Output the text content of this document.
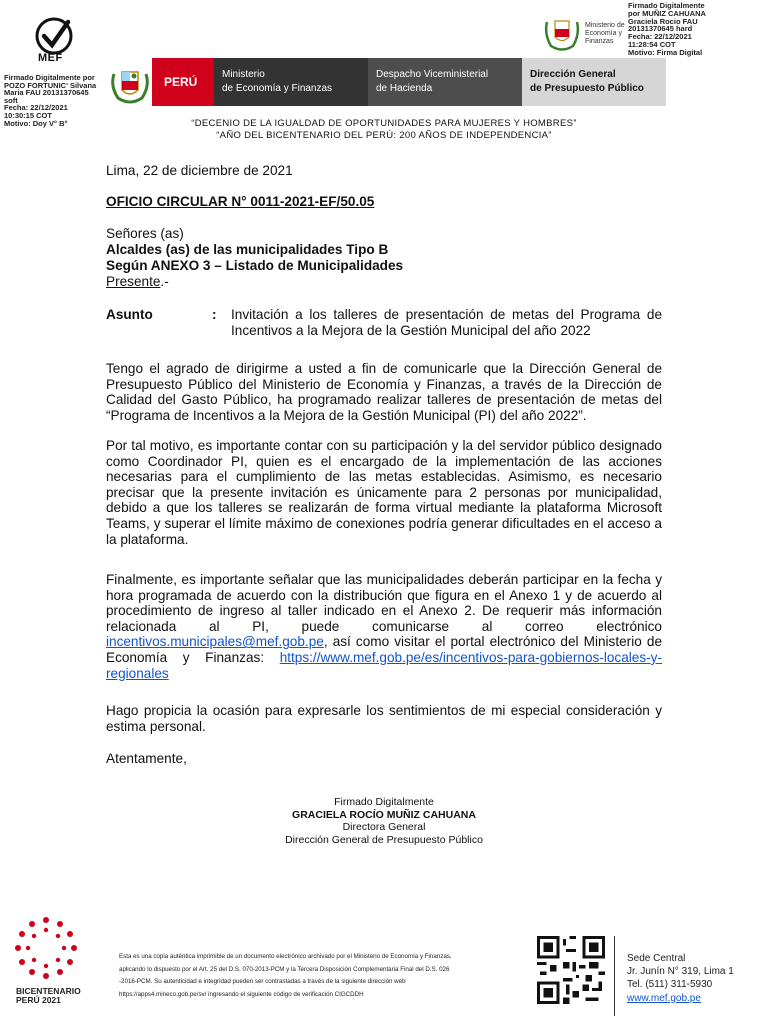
MEF
Firmado Digitalmente por
POZO FORTUNIC' Silvana
Maria FAU 20131370645
soft
Fecha: 22/12/2021
10:30:15 COT
Motivo: Doy V° B°
PERÚ
Ministerio
de Economía y Finanzas
Despacho Viceministerial
de Hacienda
Dirección General
de Presupuesto Público
Ministerio de Economía y Finanzas
Firmado Digitalmente
por MUÑIZ CAHUANA
Graciela Rocio FAU
20131370645 hard
Fecha: 22/12/2021
11:28:54 COT
Motivo: Firma Digital
“DECENIO DE LA IGUALDAD DE OPORTUNIDADES PARA MUJERES Y HOMBRES”
“AÑO DEL BICENTENARIO DEL PERÚ: 200 AÑOS DE INDEPENDENCIA”
Lima, 22 de diciembre de 2021
OFICIO CIRCULAR N° 0011-2021-EF/50.05
Señores (as)
Alcaldes (as) de las municipalidades Tipo B
Según ANEXO 3 – Listado de Municipalidades
Presente.-
Asunto	: Invitación a los talleres de presentación de metas del Programa de Incentivos a la Mejora de la Gestión Municipal del año 2022
Tengo el agrado de dirigirme a usted a fin de comunicarle que la Dirección General de Presupuesto Público del Ministerio de Economía y Finanzas, a través de la Dirección de Calidad del Gasto Público, ha programado realizar talleres de presentación de metas del “Programa de Incentivos a la Mejora de la Gestión Municipal (PI) del año 2022”.
Por tal motivo, es importante contar con su participación y la del servidor público designado como Coordinador PI, quien es el encargado de la implementación de las acciones necesarias para el cumplimiento de las metas establecidas. Asimismo, es necesario precisar que la presente invitación es únicamente para 2 personas por municipalidad, debido a que los talleres se realizarán de forma virtual mediante la plataforma Microsoft Teams, y superar el límite máximo de conexiones podría generar dificultades en el acceso a la plataforma.
Finalmente, es importante señalar que las municipalidades deberán participar en la fecha y hora programada de acuerdo con la distribución que figura en el Anexo 1 y de acuerdo al procedimiento de ingreso al taller indicado en el Anexo 2. De requerir más información relacionada al PI, puede comunicarse al correo electrónico incentivos.municipales@mef.gob.pe, así como visitar el portal electrónico del Ministerio de Economía y Finanzas: https://www.mef.gob.pe/es/incentivos-para-gobiernos-locales-y-regionales
Hago propicia la ocasión para expresarle los sentimientos de mi especial consideración y estima personal.
Atentamente,
Firmado Digitalmente
GRACIELA ROCÍO MUÑIZ CAHUANA
Directora General
Dirección General de Presupuesto Público
BICENTENARIO
PERÚ 2021
Esta es una copia auténtica imprimible de un documento electrónico archivado por el Ministerio de Economía y Finanzas,
aplicando lo dispuesto por el Art. 25 del D.S. 070-2013-PCM y la Tercera Disposición Complementaria Final del D.S. 026
-2016-PCM. Su autenticidad e integridad pueden ser contrastadas a través de la siguiente dirección web
https://apps4.mineco.gob.pe/sv/ ingresando el siguiente código de verificación CIGCDDH
Sede Central
Jr. Junín N° 319, Lima 1
Tel. (511) 311-5930
www.mef.gob.pe
